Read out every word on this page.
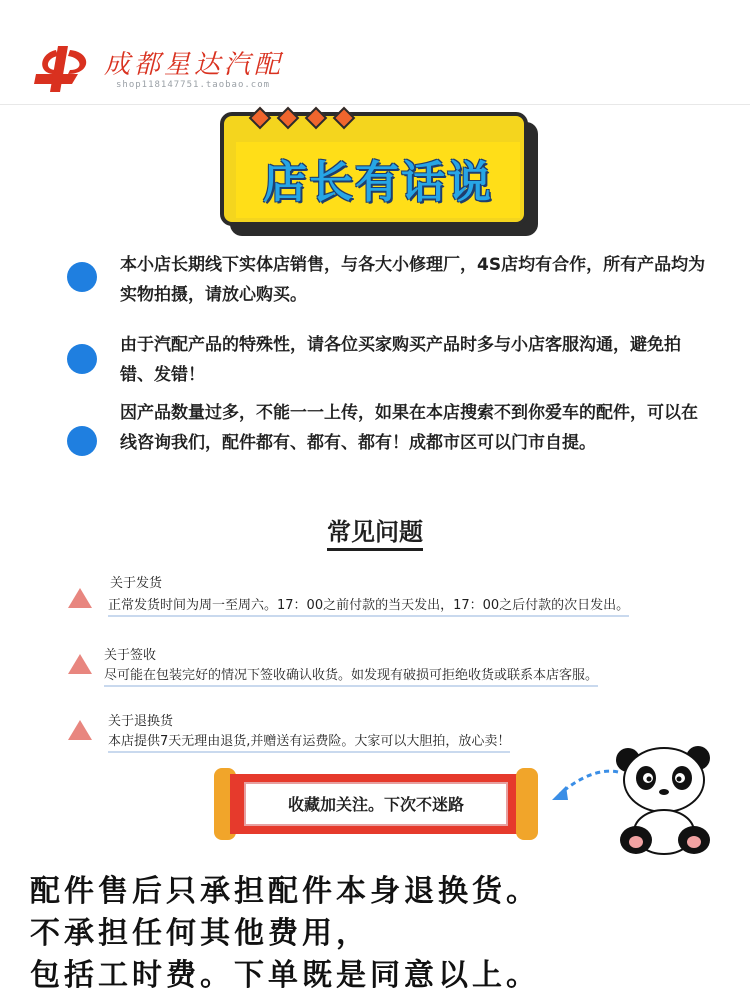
成都星达汽配
shop118147751.taobao.com
店长有话说
本小店长期线下实体店销售，与各大小修理厂，4S店均有合作，所有产品均为实物拍摄，请放心购买。
由于汽配产品的特殊性，请各位买家购买产品时多与小店客服沟通，避免拍错、发错！
因产品数量过多，不能一一上传，如果在本店搜索不到你爱车的配件，可以在线咨询我们，配件都有、都有、都有！成都市区可以门市自提。
常见问题
关于发货
正常发货时间为周一至周六。17：00之前付款的当天发出，17：00之后付款的次日发出。
关于签收
尽可能在包装完好的情况下签收确认收货。如发现有破损可拒绝收货或联系本店客服。
关于退换货
本店提供7天无理由退货,并赠送有运费险。大家可以大胆拍，放心卖！
收藏加关注。下次不迷路
配件售后只承担配件本身退换货。
不承担任何其他费用，
包括工时费。下单既是同意以上。
